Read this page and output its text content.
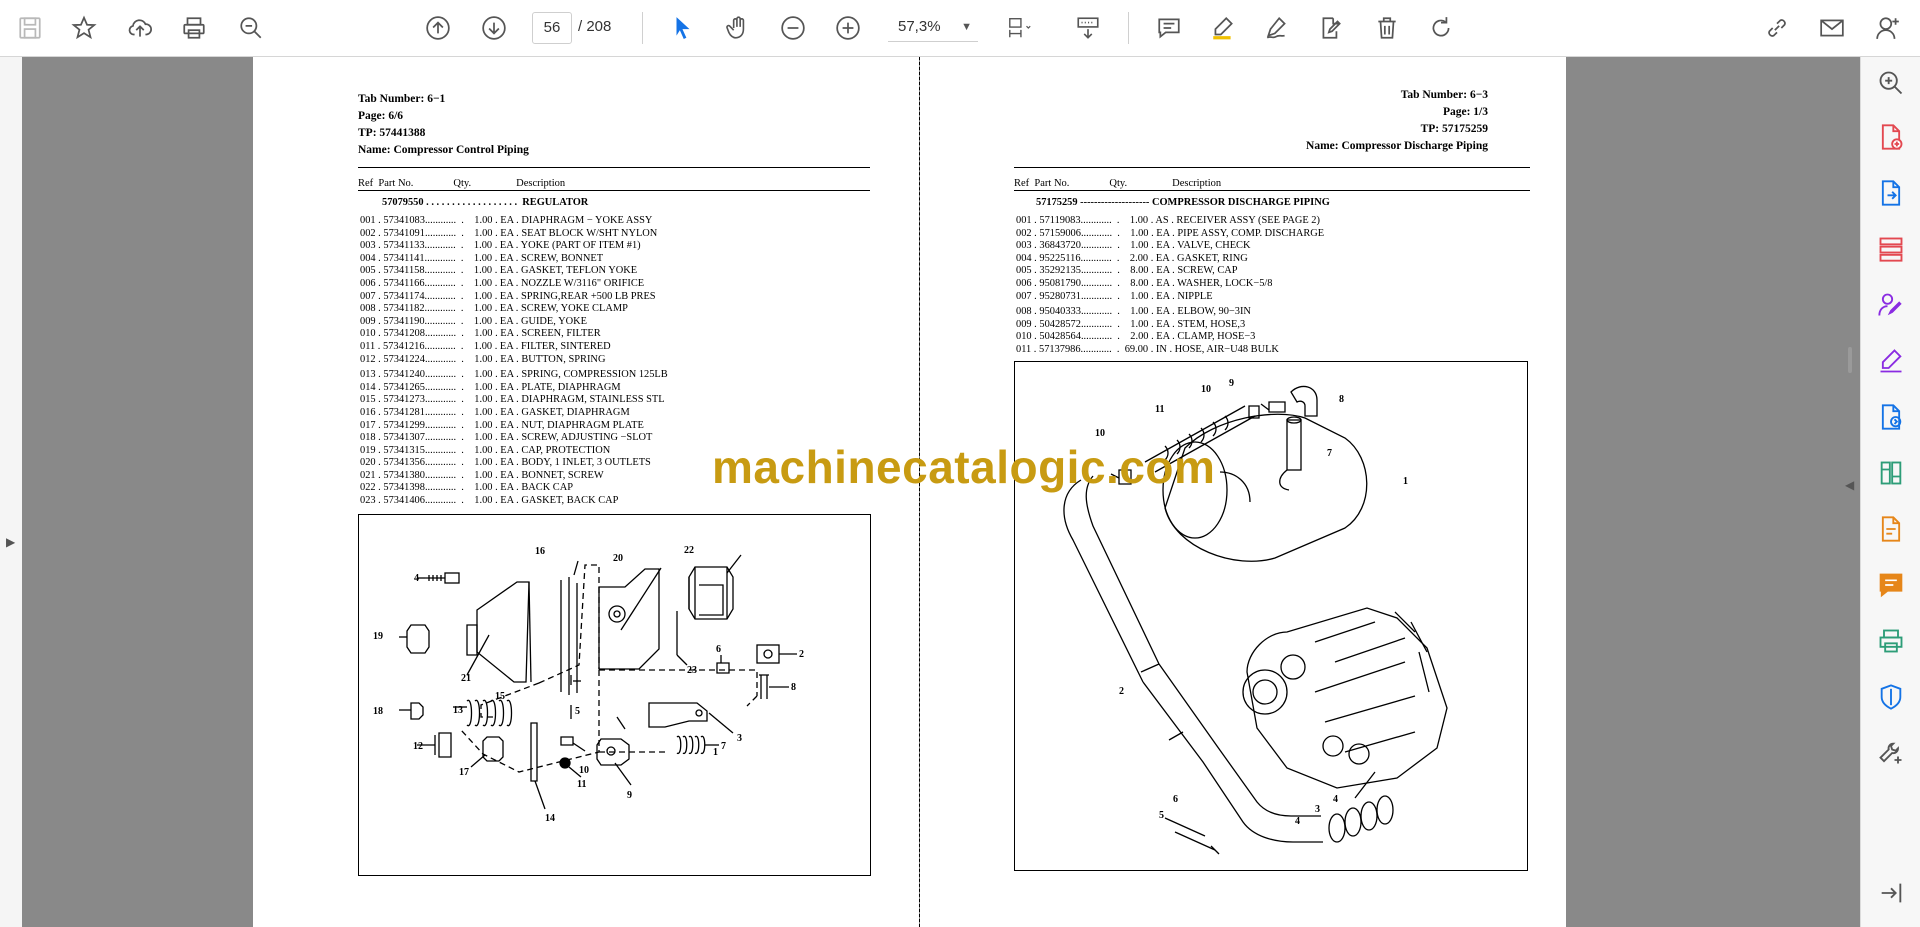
56	/ 208	57,3% ▼
▶
Tab Number: 6−1
Page: 6/6
TP: 57441388
Name: Compressor Control Piping
Ref Part No.	Qty.	Description
57079550 . . . . . . . . . . . . . . . . . .  REGULATOR
001 . 57341083............  .    1.00 . EA . DIAPHRAGM − YOKE ASSY
002 . 57341091............  .    1.00 . EA . SEAT BLOCK W/SHT NYLON
003 . 57341133............  .    1.00 . EA . YOKE (PART OF ITEM #1)
004 . 57341141............  .    1.00 . EA . SCREW, BONNET
005 . 57341158............  .    1.00 . EA . GASKET, TEFLON YOKE
006 . 57341166............  .    1.00 . EA . NOZZLE W/3116" ORIFICE
007 . 57341174............  .    1.00 . EA . SPRING,REAR +500 LB PRES
008 . 57341182............  .    1.00 . EA . SCREW, YOKE CLAMP
009 . 57341190............  .    1.00 . EA . GUIDE, YOKE
010 . 57341208............  .    1.00 . EA . SCREEN, FILTER
011 . 57341216............  .    1.00 . EA . FILTER, SINTERED
012 . 57341224............  .    1.00 . EA . BUTTON, SPRING
013 . 57341240............  .    1.00 . EA . SPRING, COMPRESSION 125LB
014 . 57341265............  .    1.00 . EA . PLATE, DIAPHRAGM
015 . 57341273............  .    1.00 . EA . DIAPHRAGM, STAINLESS STL
016 . 57341281............  .    1.00 . EA . GASKET, DIAPHRAGM
017 . 57341299............  .    1.00 . EA . NUT, DIAPHRAGM PLATE
018 . 57341307............  .    1.00 . EA . SCREW, ADJUSTING −SLOT
019 . 57341315............  .    1.00 . EA . CAP, PROTECTION
020 . 57341356............  .    1.00 . EA . BODY, 1 INLET, 3 OUTLETS
021 . 57341380............  .    1.00 . EA . BONNET, SCREW
022 . 57341398............  .    1.00 . EA . BACK CAP
023 . 57341406............  .    1.00 . EA . GASKET, BACK CAP
4
16
20
22
19
21
6	2
23
15
8
18	13	5
3
1
12
10
7
17
11
9
14
Tab Number: 6−3
Page: 1/3
TP: 57175259
Name: Compressor Discharge Piping
Ref Part No.	Qty.	Description
57175259 -------------------- COMPRESSOR DISCHARGE PIPING
001 . 57119083............  .    1.00 . AS . RECEIVER ASSY (SEE PAGE 2)
002 . 57159006............  .    1.00 . EA . PIPE ASSY, COMP. DISCHARGE
003 . 36843720............  .    1.00 . EA . VALVE, CHECK
004 . 95225116............  .    2.00 . EA . GASKET, RING
005 . 35292135............  .    8.00 . EA . SCREW, CAP
006 . 95081790............  .    8.00 . EA . WASHER, LOCK−5/8
007 . 95280731............  .    1.00 . EA . NIPPLE
008 . 95040333............  .    1.00 . EA . ELBOW, 90−3IN
009 . 50428572............  .    1.00 . EA . STEM, HOSE,3
010 . 50428564............  .    2.00 . EA . CLAMP, HOSE−3
011 . 57137986............  .  69.00 . IN . HOSE, AIR−U48 BULK
10
9
8
11
10
7
1
2
6
5
4
3
4
machinecatalogic.com	◀
